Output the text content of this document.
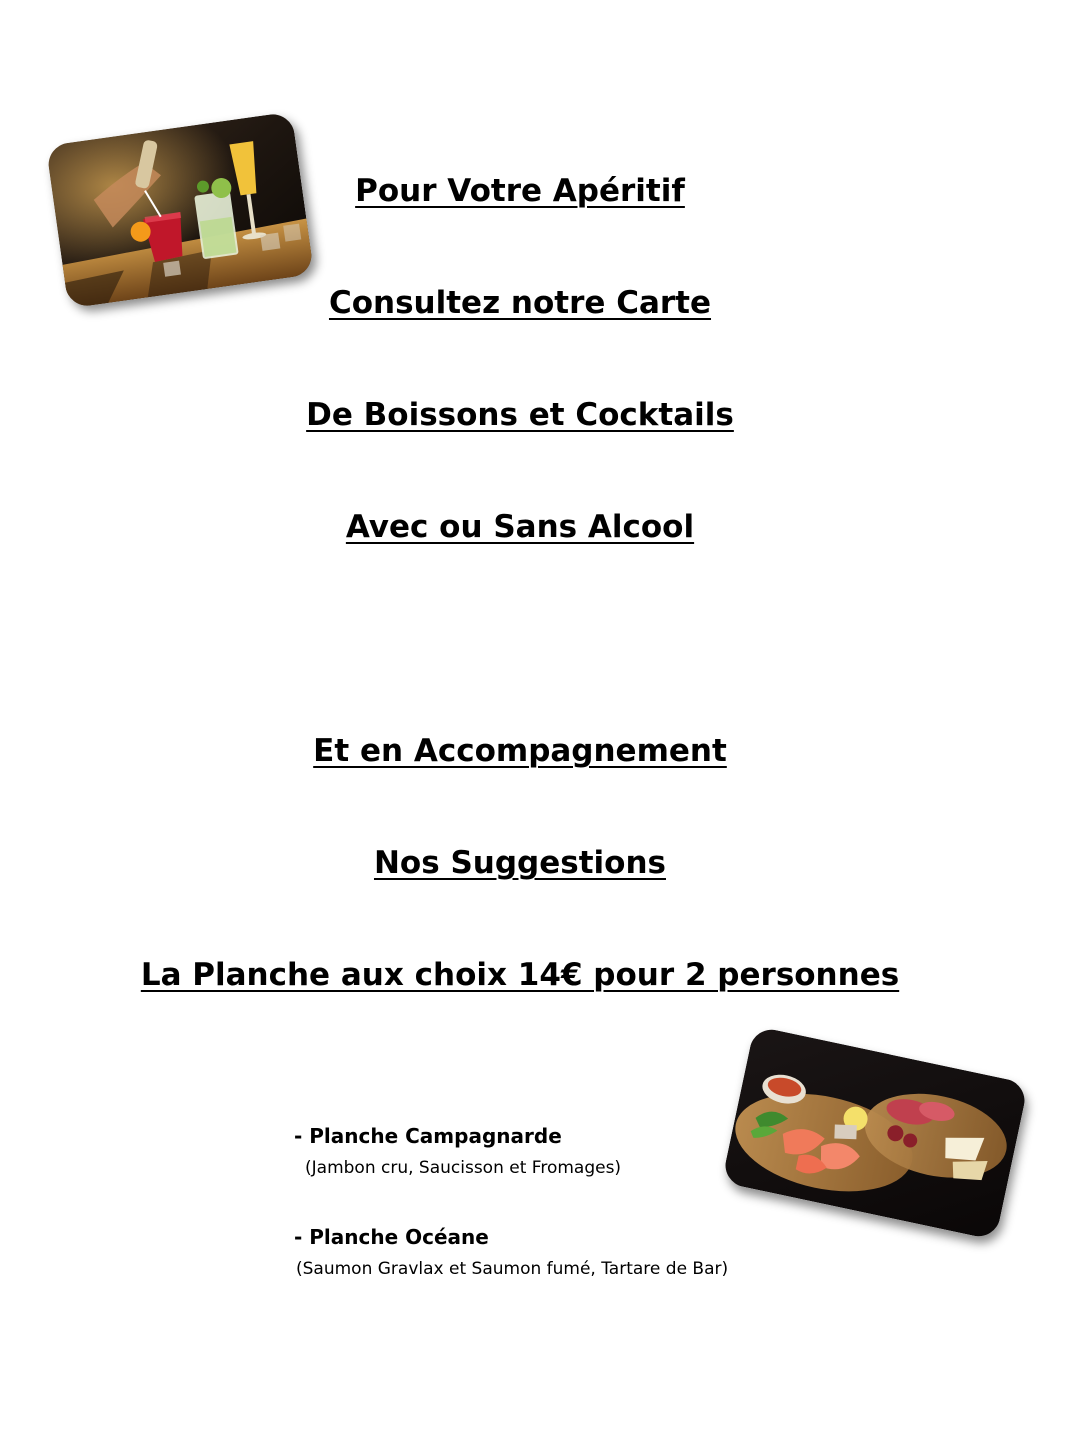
Pour Votre Apéritif
Consultez notre Carte
De Boissons et Cocktails
Avec ou Sans Alcool
Et en Accompagnement
Nos Suggestions
La Planche aux choix 14€ pour 2 personnes
- Planche Campagnarde
(Jambon cru, Saucisson et Fromages)
- Planche Océane
(Saumon Gravlax et Saumon fumé, Tartare de Bar)
